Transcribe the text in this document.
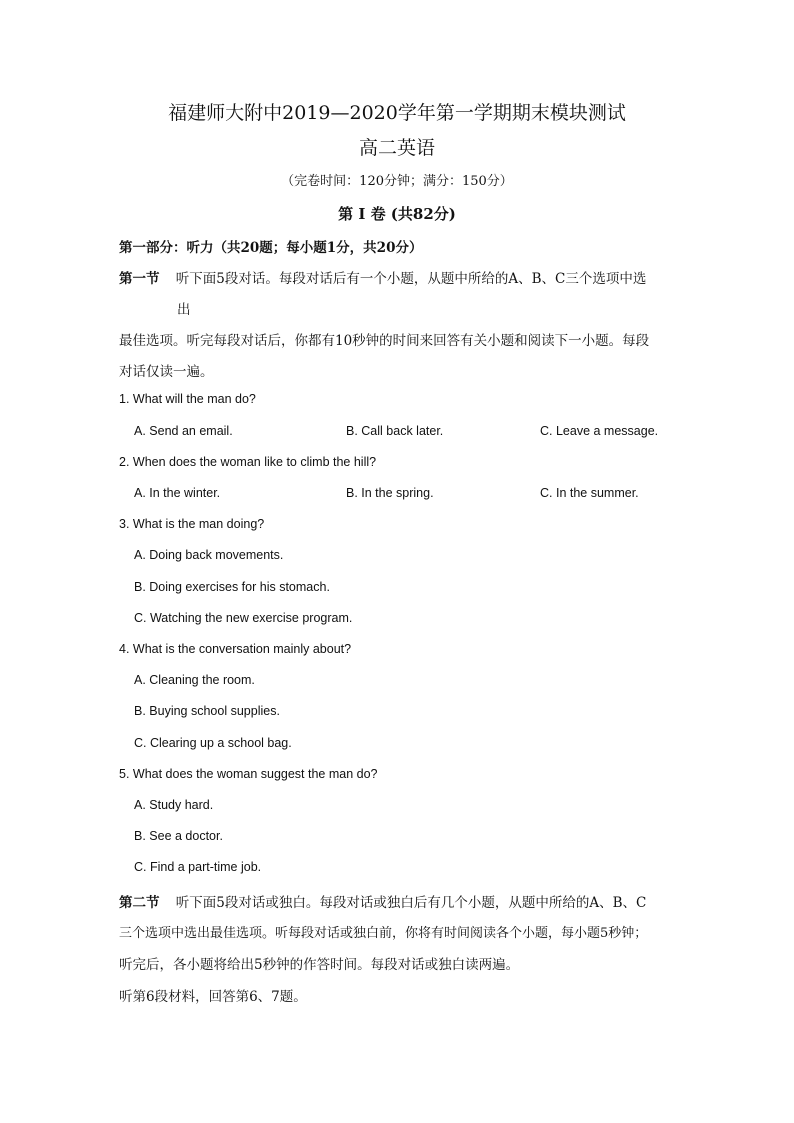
福建师大附中2019—2020学年第一学期期末模块测试
高二英语
（完卷时间：120分钟；满分：150分）
第 Ⅰ 卷 (共82分)
第一部分：听力（共20题；每小题1分，共20分）
第一节 听下面5段对话。每段对话后有一个小题，从题中所给的A、B、C三个选项中选
出
最佳选项。听完每段对话后，你都有10秒钟的时间来回答有关小题和阅读下一小题。每段
对话仅读一遍。
1. What will the man do?
A. Send an email.	B. Call back later.	C. Leave a message.
2. When does the woman like to climb the hill?
A. In the winter.	B. In the spring.	C. In the summer.
3. What is the man doing?
A. Doing back movements.
B. Doing exercises for his stomach.
C. Watching the new exercise program.
4. What is the conversation mainly about?
A. Cleaning the room.
B. Buying school supplies.
C. Clearing up a school bag.
5. What does the woman suggest the man do?
A. Study hard.
B. See a doctor.
C. Find a part-time job.
第二节 听下面5段对话或独白。每段对话或独白后有几个小题，从题中所给的A、B、C
三个选项中选出最佳选项。听每段对话或独白前，你将有时间阅读各个小题，每小题5秒钟；
听完后，各小题将给出5秒钟的作答时间。每段对话或独白读两遍。
听第6段材料，回答第6、7题。
